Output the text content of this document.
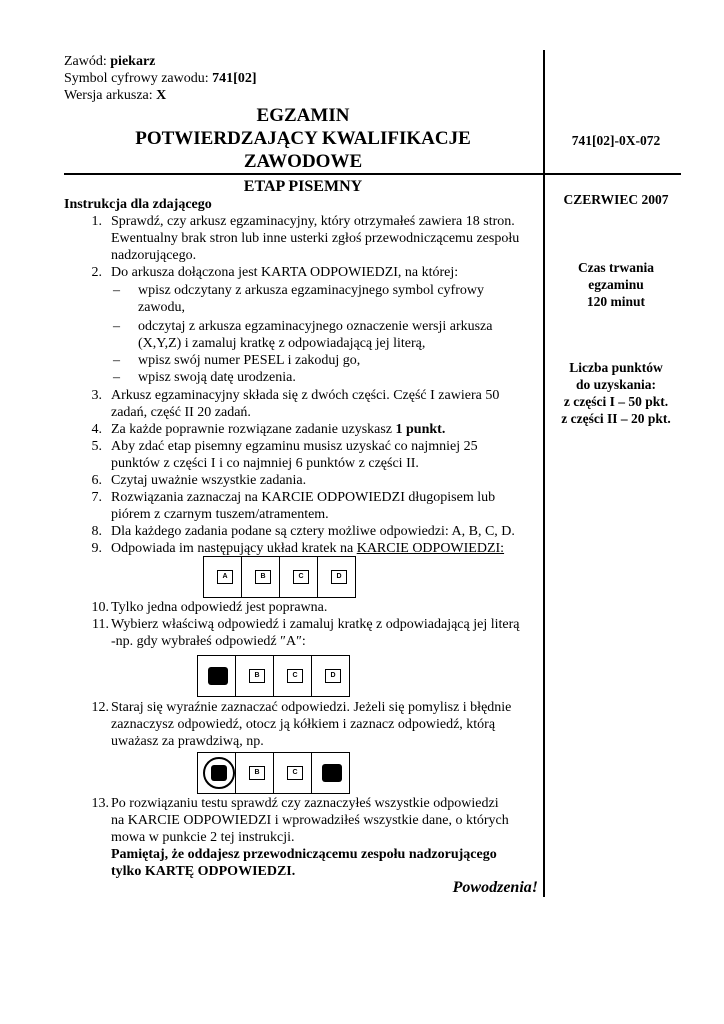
Zawód: piekarz
Symbol cyfrowy zawodu: 741[02]
Wersja arkusza: X
EGZAMIN
POTWIERDZAJĄCY KWALIFIKACJE
ZAWODOWE
741[02]-0X-072
ETAP PISEMNY
Instrukcja dla zdającego	CZERWIEC 2007
Czas trwania
egzaminu
120 minut
Liczba punktów
do uzyskania:
z części I – 50 pkt.
z części II – 20 pkt.
1. Sprawdź, czy arkusz egzaminacyjny, który otrzymałeś zawiera 18 stron.
Ewentualny brak stron lub inne usterki zgłoś przewodniczącemu zespołu
nadzorującego.
2. Do arkusza dołączona jest KARTA ODPOWIEDZI, na której:
– wpisz odczytany z arkusza egzaminacyjnego symbol cyfrowy
zawodu,
– odczytaj z arkusza egzaminacyjnego oznaczenie wersji arkusza
(X,Y,Z) i zamaluj kratkę z odpowiadającą jej literą,
– wpisz swój numer PESEL i zakoduj go,
– wpisz swoją datę urodzenia.
3. Arkusz egzaminacyjny składa się z dwóch części. Część I zawiera 50
zadań, część II 20 zadań.
4. Za każde poprawnie rozwiązane zadanie uzyskasz 1 punkt.
5. Aby zdać etap pisemny egzaminu musisz uzyskać co najmniej 25
punktów z części I i co najmniej 6 punktów z części II.
6. Czytaj uważnie wszystkie zadania.
7. Rozwiązania zaznaczaj na KARCIE ODPOWIEDZI długopisem lub
piórem z czarnym tuszem/atramentem.
8. Dla każdego zadania podane są cztery możliwe odpowiedzi: A, B, C, D.
9. Odpowiada im następujący układ kratek na KARCIE ODPOWIEDZI:
A	B	C	D
10. Tylko jedna odpowiedź jest poprawna.
11. Wybierz właściwą odpowiedź i zamaluj kratkę z odpowiadającą jej literą
-np. gdy wybrałeś odpowiedź ″A″:
B	C	D
12. Staraj się wyraźnie zaznaczać odpowiedzi. Jeżeli się pomylisz i błędnie
zaznaczysz odpowiedź, otocz ją kółkiem i zaznacz odpowiedź, którą
uważasz za prawdziwą, np.
B	C
13. Po rozwiązaniu testu sprawdź czy zaznaczyłeś wszystkie odpowiedzi
na KARCIE ODPOWIEDZI i wprowadziłeś wszystkie dane, o których
mowa w punkcie 2 tej instrukcji.
Pamiętaj, że oddajesz przewodniczącemu zespołu nadzorującego
tylko KARTĘ ODPOWIEDZI.
Powodzenia!
